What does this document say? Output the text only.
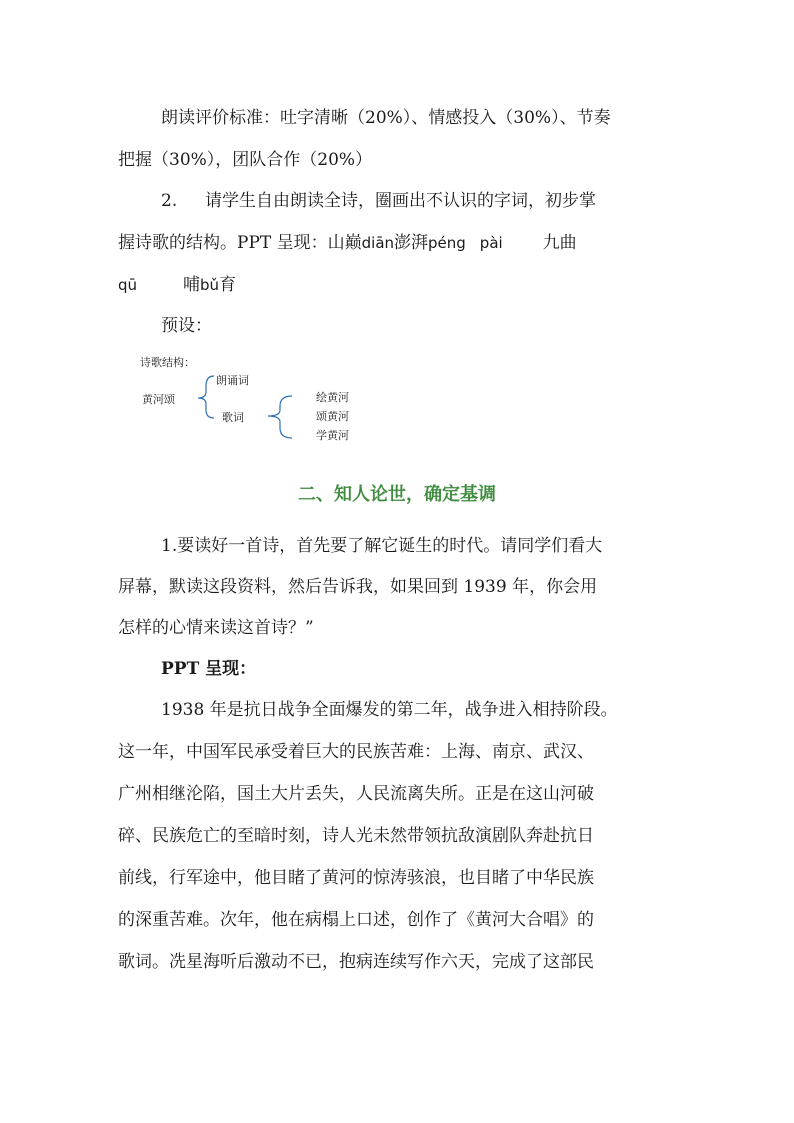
朗读评价标准：吐字清晰（20%）、情感投入（30%）、节奏
把握（30%），团队合作（20%）
2. 请学生自由朗读全诗，圈画出不认识的字词，初步掌
握诗歌的结构。PPT 呈现：山巅diān澎湃péng pài 九曲
qū	哺bǔ育
预设：
诗歌结构：
黄河颂
朗诵词
歌词
绘黄河
颂黄河
学黄河
二、知人论世，确定基调
1.要读好一首诗，首先要了解它诞生的时代。请同学们看大
屏幕，默读这段资料，然后告诉我，如果回到 1939 年，你会用
怎样的心情来读这首诗？”
PPT 呈现：
1938 年是抗日战争全面爆发的第二年，战争进入相持阶段。
这一年，中国军民承受着巨大的民族苦难：上海、南京、武汉、
广州相继沦陷，国土大片丢失，人民流离失所。正是在这山河破
碎、民族危亡的至暗时刻，诗人光未然带领抗敌演剧队奔赴抗日
前线，行军途中，他目睹了黄河的惊涛骇浪，也目睹了中华民族
的深重苦难。次年，他在病榻上口述，创作了《黄河大合唱》的
歌词。冼星海听后激动不已，抱病连续写作六天，完成了这部民
